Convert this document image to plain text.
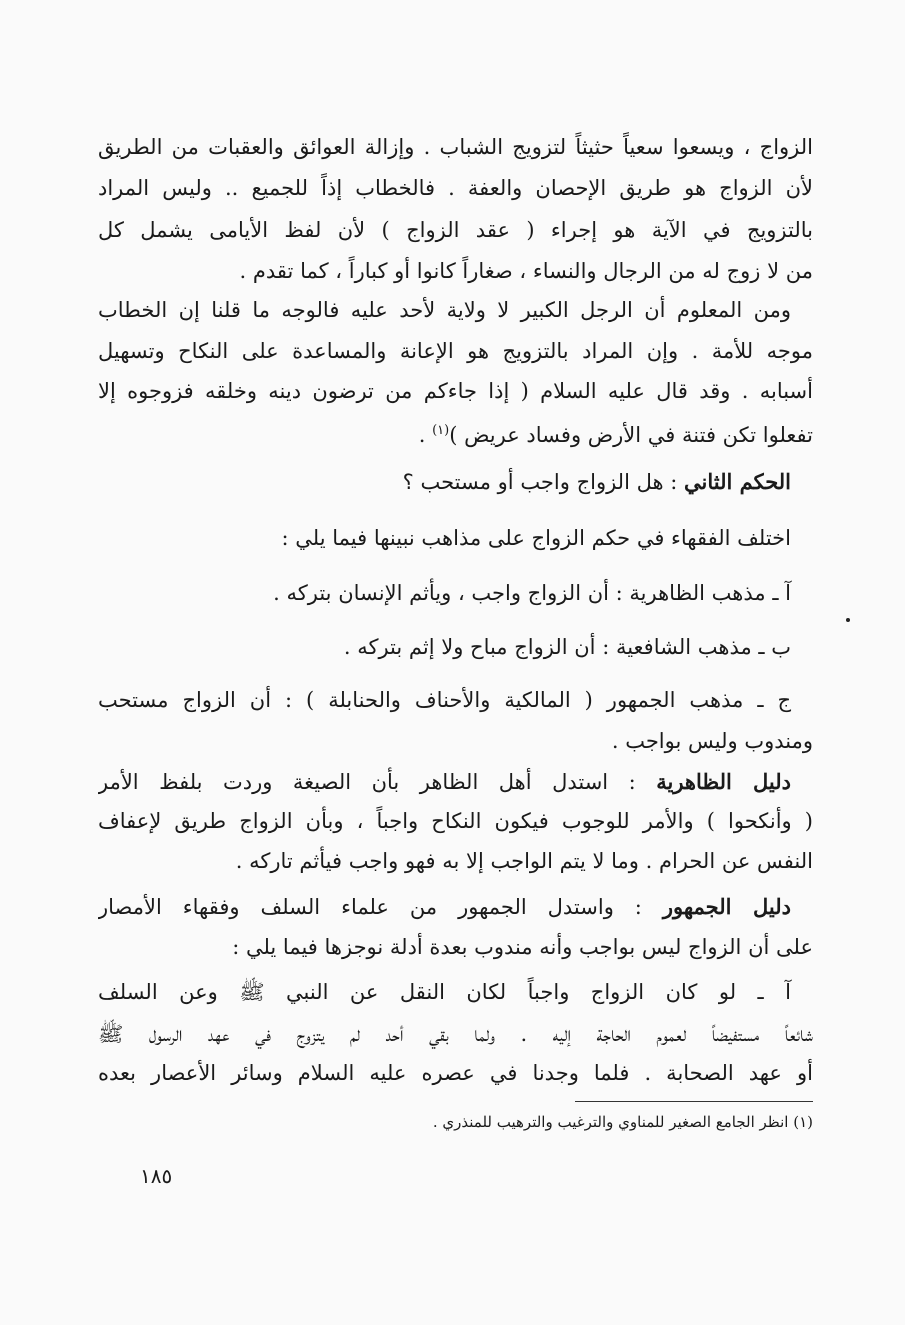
الزواج ، ويسعوا سعياً حثيثاً لتزويج الشباب . وإزالة العوائق والعقبات من الطريق
لأن الزواج هو طريق الإحصان والعفة . فالخطاب إذاً للجميع .. وليس المراد
بالتزويج في الآية هو إجراء ( عقد الزواج ) لأن لفظ الأيامى يشمل كل
من لا زوج له من الرجال والنساء ، صغاراً كانوا أو كباراً ، كما تقدم .
ومن المعلوم أن الرجل الكبير لا ولاية لأحد عليه فالوجه ما قلنا إن الخطاب
موجه للأمة . وإن المراد بالتزويج هو الإعانة والمساعدة على النكاح وتسهيل
أسبابه . وقد قال عليه السلام ( إذا جاءكم من ترضون دينه وخلقه فزوجوه إلا
تفعلوا تكن فتنة في الأرض وفساد عريض )$^{(١)}$ .
الحكم الثاني : هل الزواج واجب أو مستحب ؟
اختلف الفقهاء في حكم الزواج على مذاهب نبينها فيما يلي :
آ ـ مذهب الظاهرية : أن الزواج واجب ، ويأثم الإنسان بتركه .
ب ـ مذهب الشافعية : أن الزواج مباح ولا إثم بتركه .
ج ـ مذهب الجمهور ( المالكية والأحناف والحنابلة ) : أن الزواج مستحب
ومندوب وليس بواجب .
دليل الظاهرية : استدل أهل الظاهر بأن الصيغة وردت بلفظ الأمر
( وأنكحوا ) والأمر للوجوب فيكون النكاح واجباً ، وبأن الزواج طريق لإعفاف
النفس عن الحرام . وما لا يتم الواجب إلا به فهو واجب فيأثم تاركه .
دليل الجمهور : واستدل الجمهور من علماء السلف وفقهاء الأمصار
على أن الزواج ليس بواجب وأنه مندوب بعدة أدلة نوجزها فيما يلي :
آ ـ لو كان الزواج واجباً لكان النقل عن النبي ﷺ وعن السلف
شائعاً مستفيضاً لعموم الحاجة إليه . ولما بقي أحد لم يتزوج في عهد الرسول ﷺ
أو عهد الصحابة . فلما وجدنا في عصره عليه السلام وسائر الأعصار بعده
(١) انظر الجامع الصغير للمناوي والترغيب والترهيب للمنذري .
١٨٥
